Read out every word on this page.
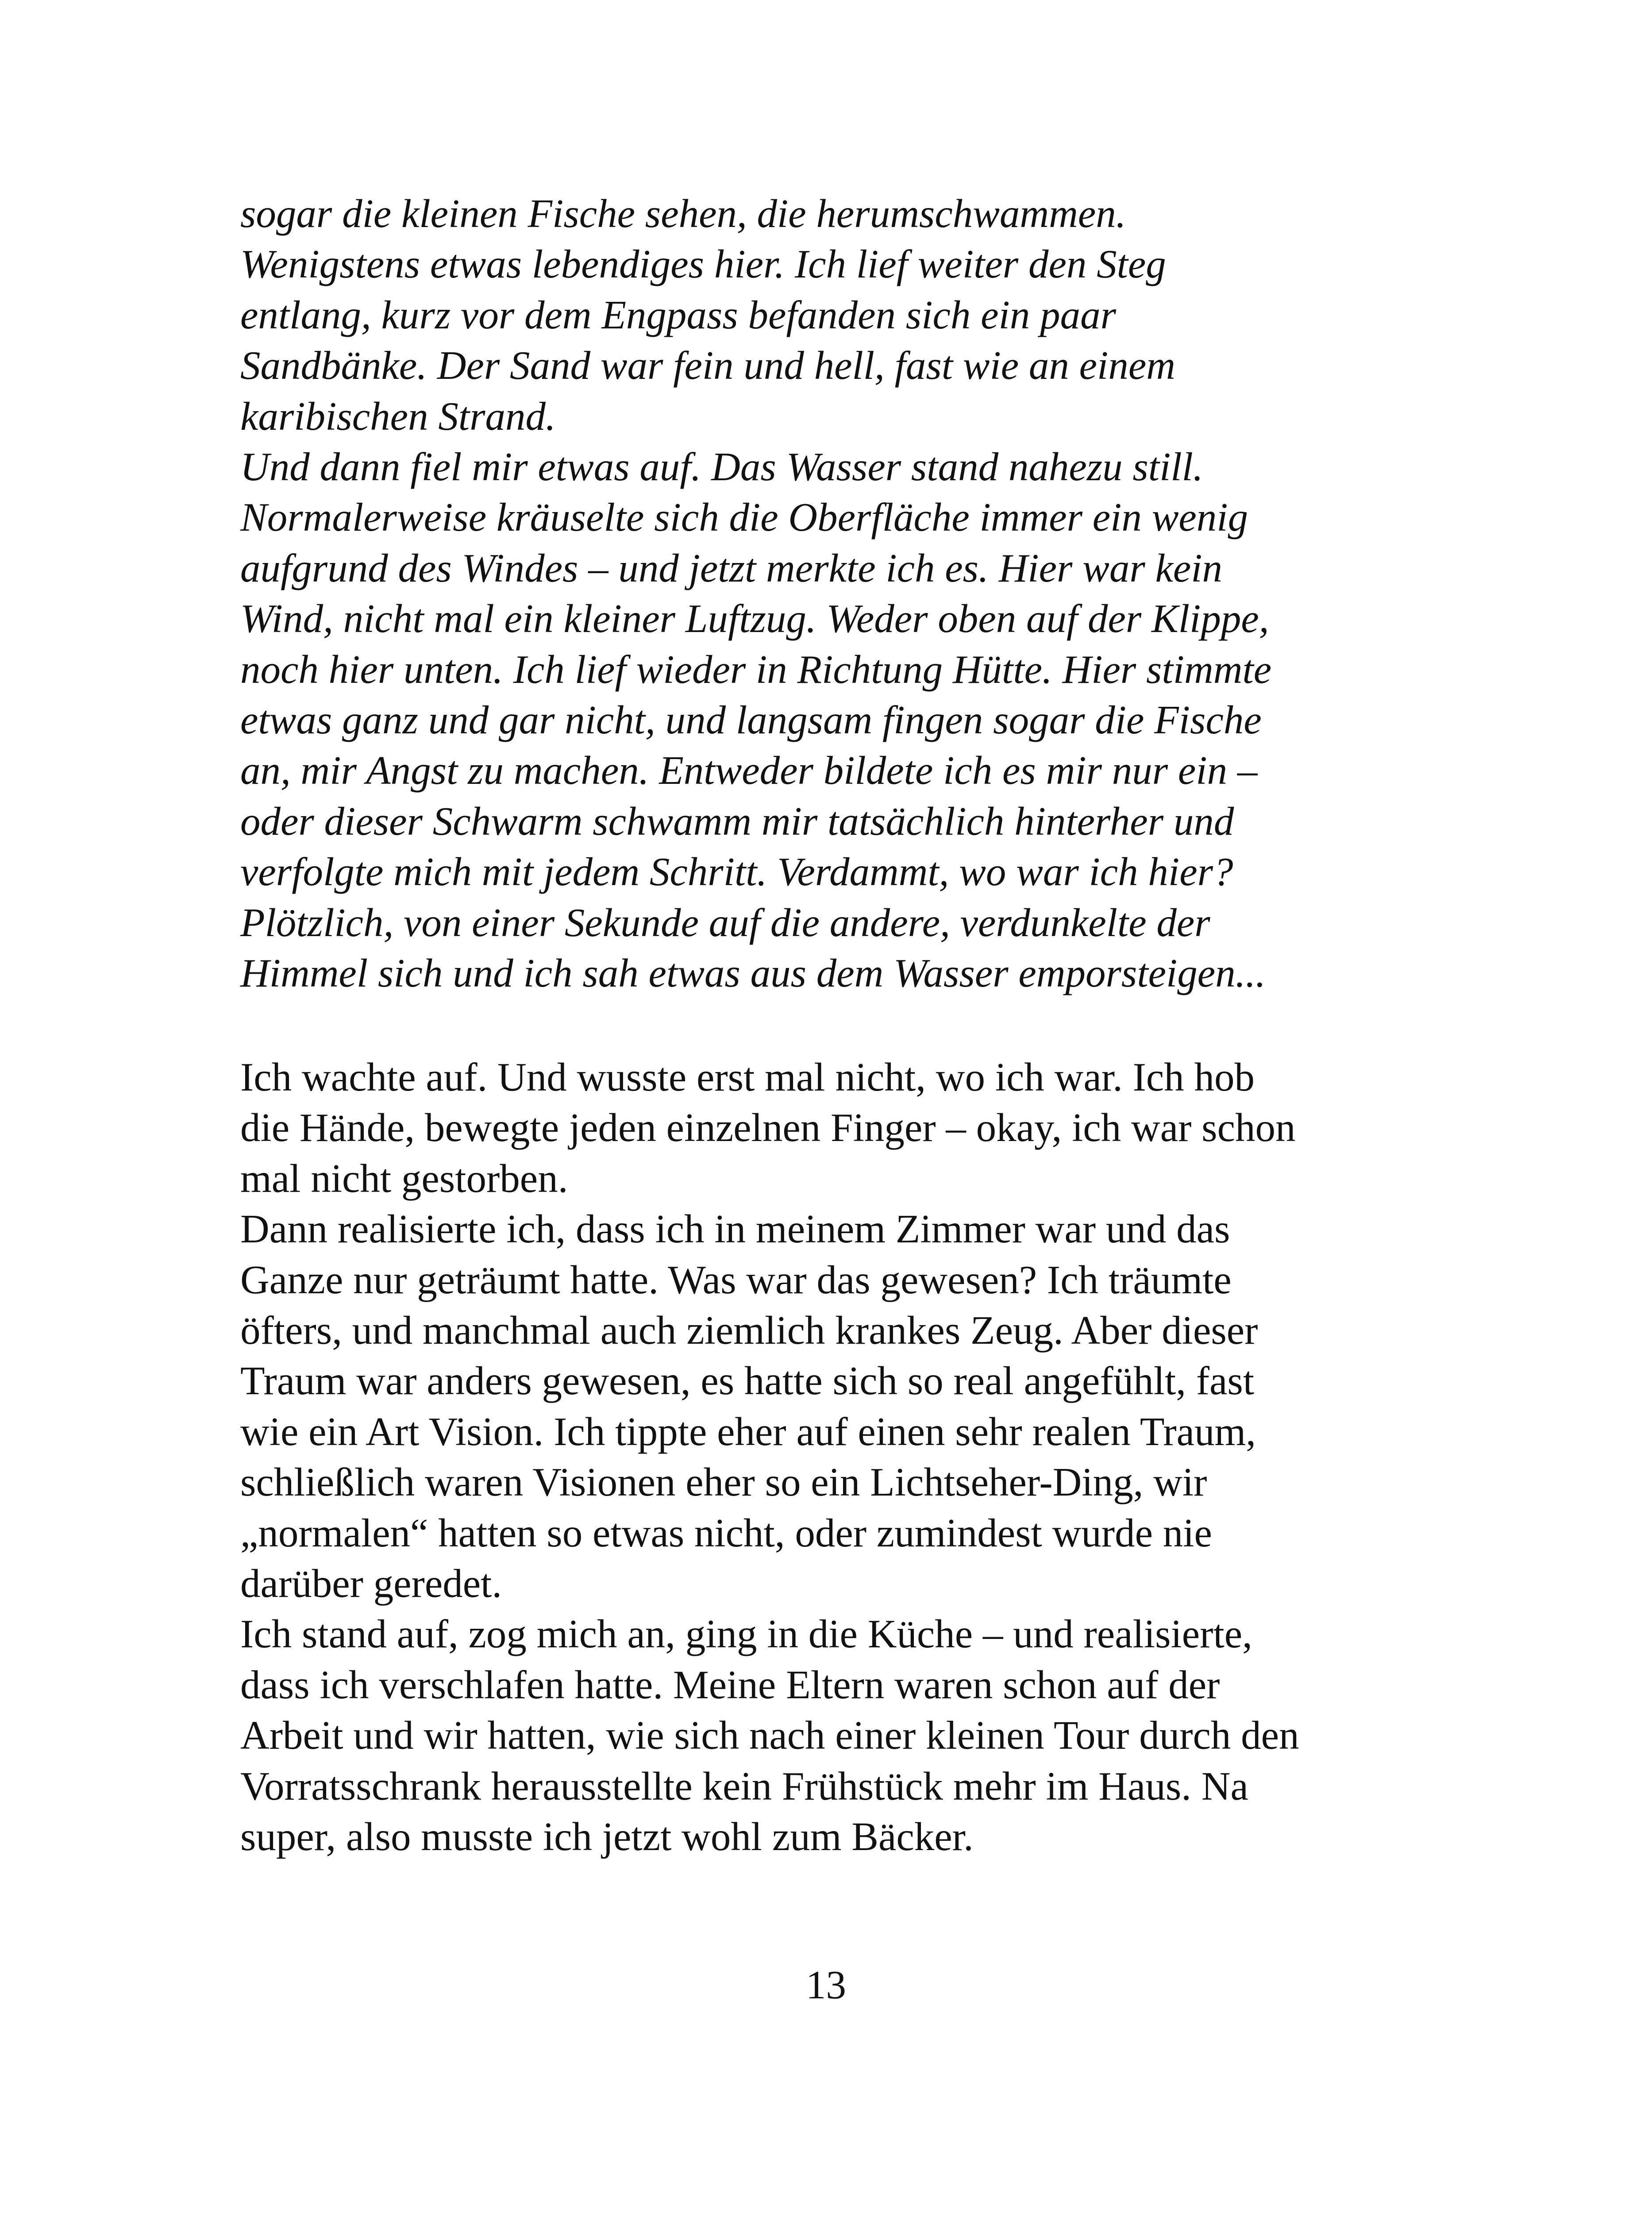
sogar die kleinen Fische sehen, die herumschwammen.
Wenigstens etwas lebendiges hier. Ich lief weiter den Steg
entlang, kurz vor dem Engpass befanden sich ein paar
Sandbänke. Der Sand war fein und hell, fast wie an einem
karibischen Strand.
Und dann fiel mir etwas auf. Das Wasser stand nahezu still.
Normalerweise kräuselte sich die Oberfläche immer ein wenig
aufgrund des Windes – und jetzt merkte ich es. Hier war kein
Wind, nicht mal ein kleiner Luftzug. Weder oben auf der Klippe,
noch hier unten. Ich lief wieder in Richtung Hütte. Hier stimmte
etwas ganz und gar nicht, und langsam fingen sogar die Fische
an, mir Angst zu machen. Entweder bildete ich es mir nur ein –
oder dieser Schwarm schwamm mir tatsächlich hinterher und
verfolgte mich mit jedem Schritt. Verdammt, wo war ich hier?
Plötzlich, von einer Sekunde auf die andere, verdunkelte der
Himmel sich und ich sah etwas aus dem Wasser emporsteigen...
Ich wachte auf. Und wusste erst mal nicht, wo ich war. Ich hob
die Hände, bewegte jeden einzelnen Finger – okay, ich war schon
mal nicht gestorben.
Dann realisierte ich, dass ich in meinem Zimmer war und das
Ganze nur geträumt hatte. Was war das gewesen? Ich träumte
öfters, und manchmal auch ziemlich krankes Zeug. Aber dieser
Traum war anders gewesen, es hatte sich so real angefühlt, fast
wie ein Art Vision. Ich tippte eher auf einen sehr realen Traum,
schließlich waren Visionen eher so ein Lichtseher-Ding, wir
„normalen“ hatten so etwas nicht, oder zumindest wurde nie
darüber geredet.
Ich stand auf, zog mich an, ging in die Küche – und realisierte,
dass ich verschlafen hatte. Meine Eltern waren schon auf der
Arbeit und wir hatten, wie sich nach einer kleinen Tour durch den
Vorratsschrank herausstellte kein Frühstück mehr im Haus. Na
super, also musste ich jetzt wohl zum Bäcker.
13
